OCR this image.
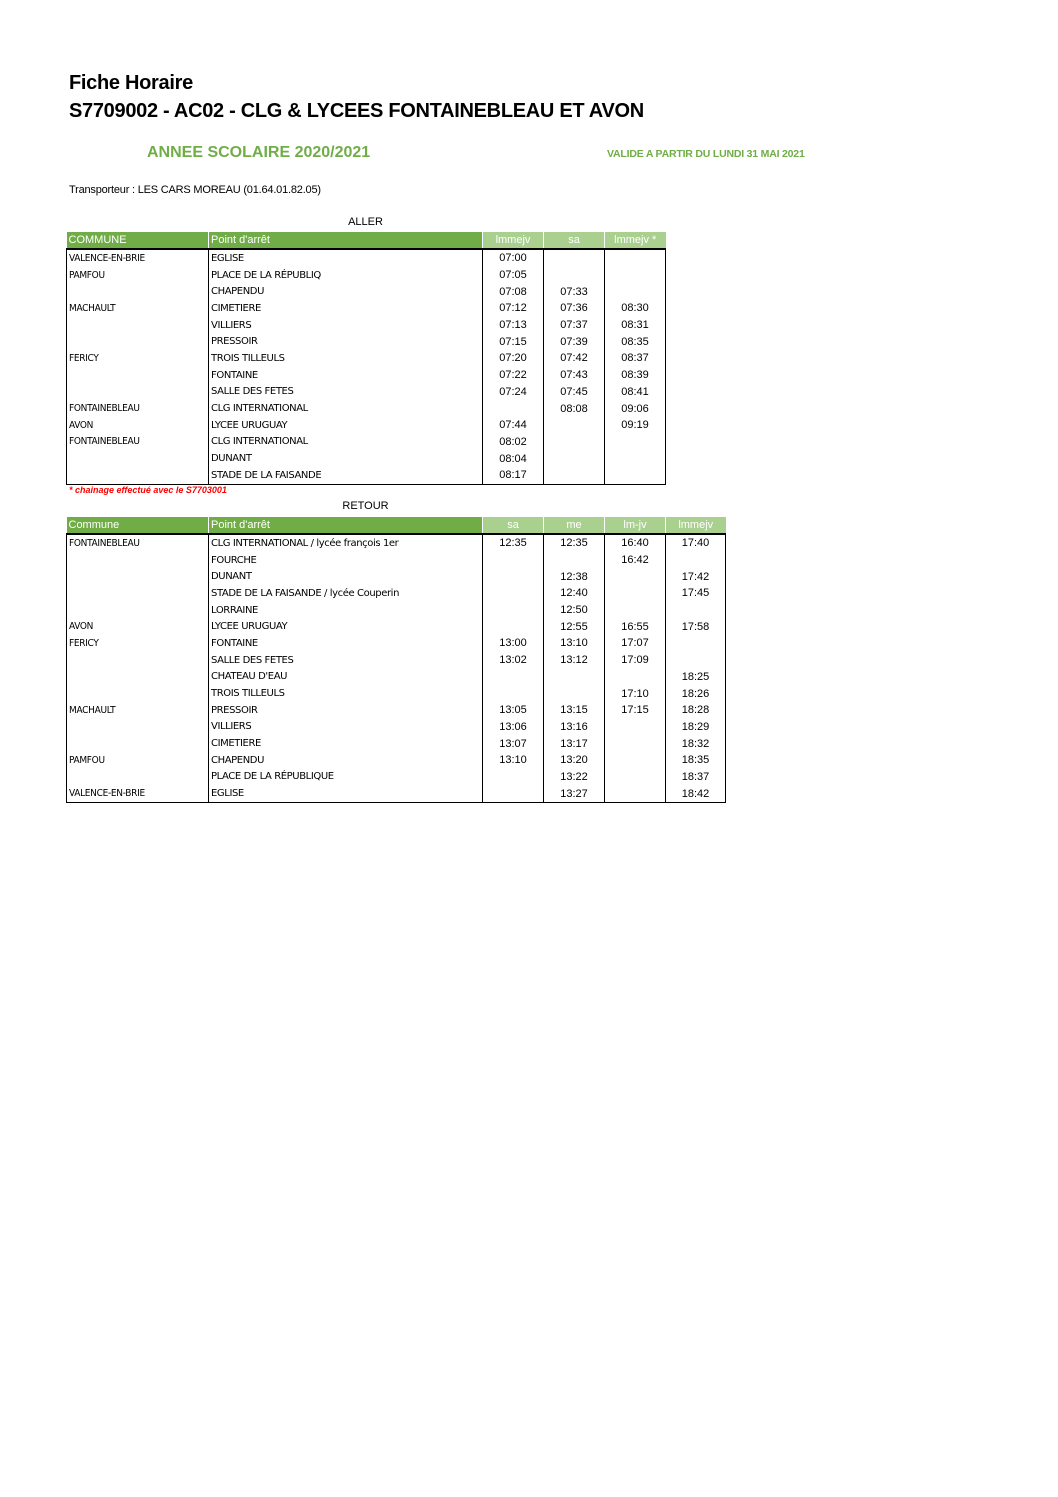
Fiche Horaire
S7709002 - AC02 - CLG & LYCEES FONTAINEBLEAU ET AVON
ANNEE SCOLAIRE 2020/2021	VALIDE A PARTIR DU LUNDI 31 MAI 2021
Transporteur : LES CARS MOREAU (01.64.01.82.05)
ALLER
COMMUNE	Point d'arrêt	lmmejv	sa	lmmejv *
VALENCE-EN-BRIE	EGLISE	07:00		
PAMFOU	PLACE DE LA RÉPUBLIQ	07:05		
	CHAPENDU	07:08	07:33	
MACHAULT	CIMETIERE	07:12	07:36	08:30
	VILLIERS	07:13	07:37	08:31
	PRESSOIR	07:15	07:39	08:35
FERICY	TROIS TILLEULS	07:20	07:42	08:37
	FONTAINE	07:22	07:43	08:39
	SALLE DES FETES	07:24	07:45	08:41
FONTAINEBLEAU	CLG INTERNATIONAL		08:08	09:06
AVON	LYCEE URUGUAY	07:44		09:19
FONTAINEBLEAU	CLG INTERNATIONAL	08:02		
	DUNANT	08:04		
	STADE DE LA FAISANDE	08:17		
* chainage effectué avec le S7703001
RETOUR
Commune	Point d'arrêt	sa	me	lm-jv	lmmejv
FONTAINEBLEAU	CLG INTERNATIONAL / lycée françois 1er	12:35	12:35	16:40	17:40
	FOURCHE			16:42	
	DUNANT		12:38		17:42
	STADE DE LA FAISANDE / lycée Couperin		12:40		17:45
	LORRAINE		12:50		
AVON	LYCEE URUGUAY		12:55	16:55	17:58
FERICY	FONTAINE	13:00	13:10	17:07	
	SALLE DES FETES	13:02	13:12	17:09	
	CHATEAU D'EAU				18:25
	TROIS TILLEULS			17:10	18:26
MACHAULT	PRESSOIR	13:05	13:15	17:15	18:28
	VILLIERS	13:06	13:16		18:29
	CIMETIERE	13:07	13:17		18:32
PAMFOU	CHAPENDU	13:10	13:20		18:35
	PLACE DE LA RÉPUBLIQUE		13:22		18:37
VALENCE-EN-BRIE	EGLISE		13:27		18:42
